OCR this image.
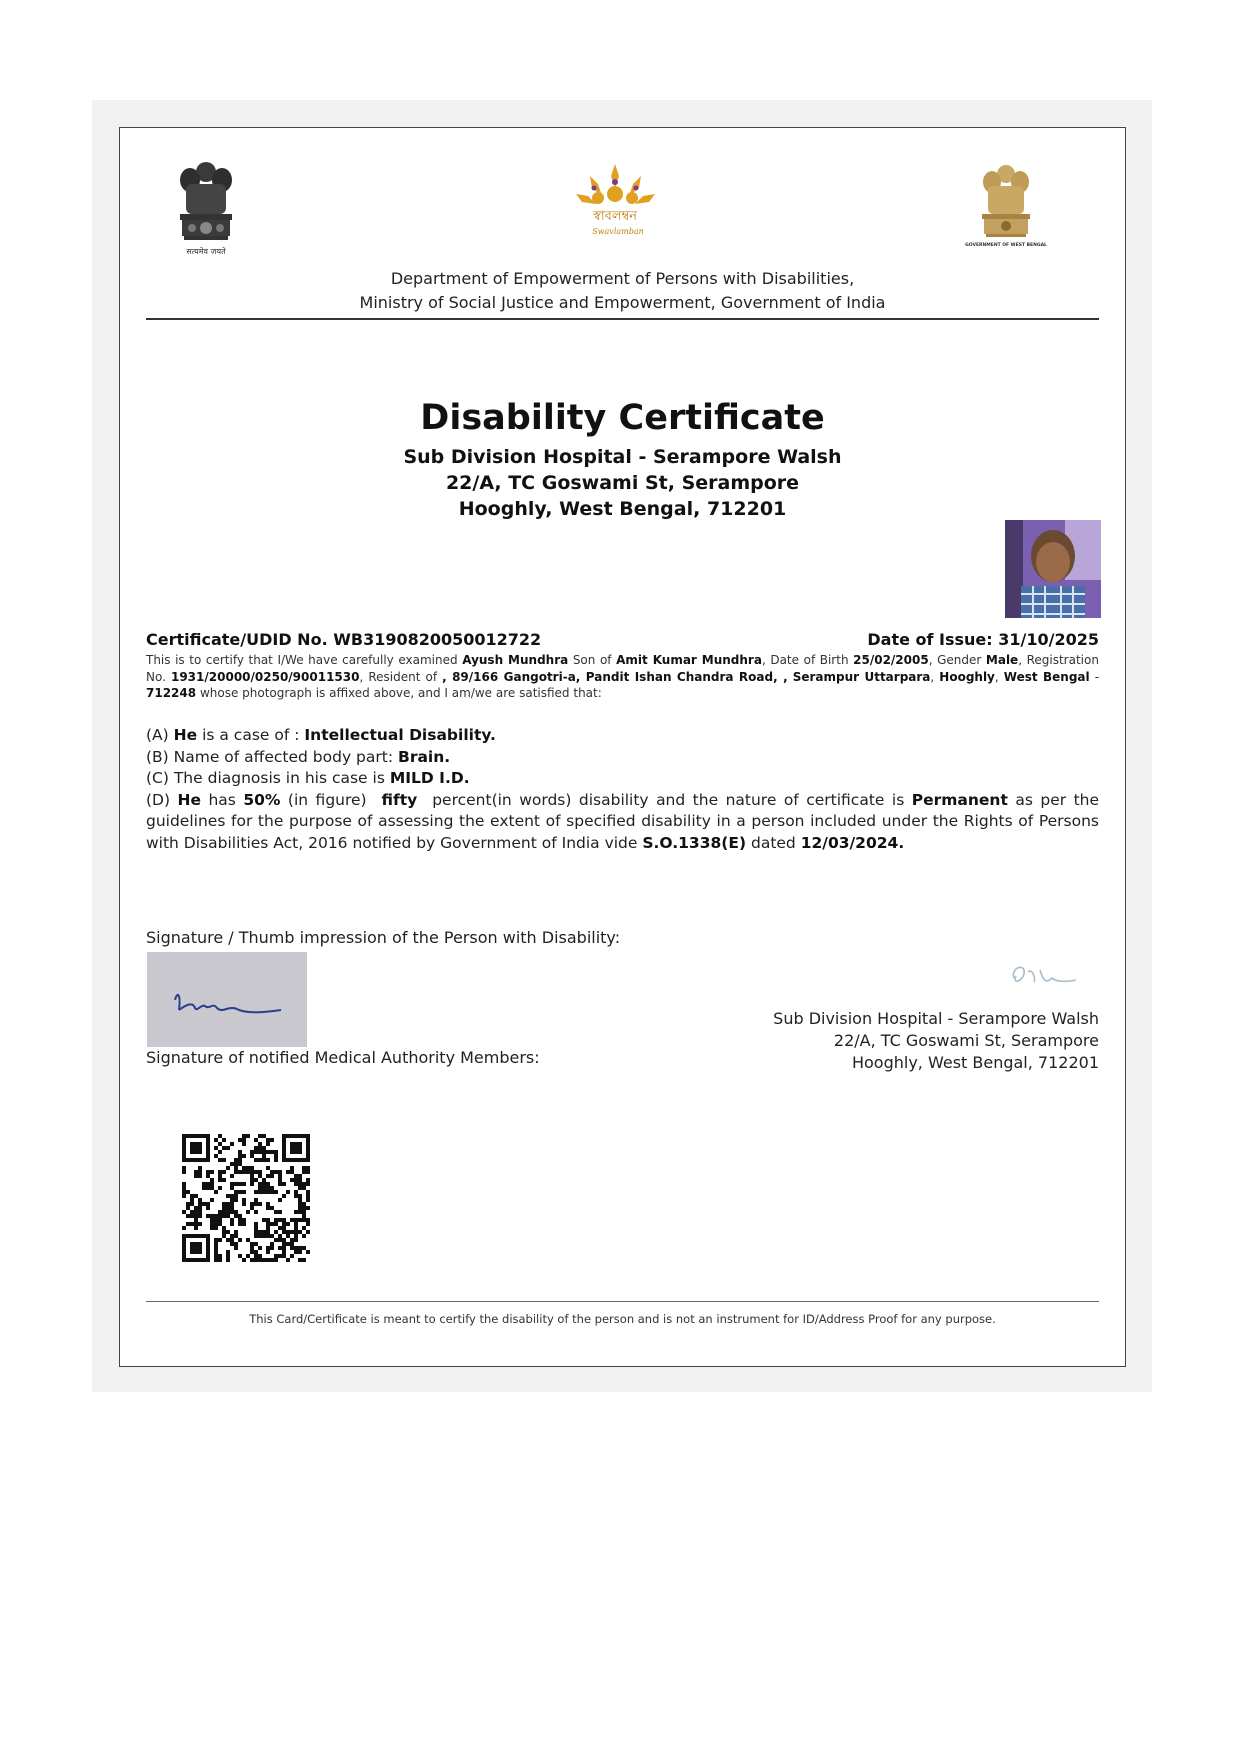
सत्यमेव जयते
স্বাবলম্বন
Swavlamban
GOVERNMENT OF WEST BENGAL
Department of Empowerment of Persons with Disabilities,
Ministry of Social Justice and Empowerment, Government of India
Disability Certificate
Sub Division Hospital - Serampore Walsh
22/A, TC Goswami St, Serampore
Hooghly, West Bengal, 712201
Certificate/UDID No. WB3190820050012722	Date of Issue: 31/10/2025
This is to certify that I/We have carefully examined Ayush Mundhra Son of Amit Kumar Mundhra, Date of Birth 25/02/2005, Gender Male, Registration No. 1931/20000/0250/90011530, Resident of , 89/166 Gangotri-a, Pandit Ishan Chandra Road, , Serampur Uttarpara, Hooghly, West Bengal - 712248 whose photograph is affixed above, and I am/we are satisfied that:
(A) He is a case of : Intellectual Disability.
(B) Name of affected body part: Brain.
(C) The diagnosis in his case is MILD I.D.
(D) He has 50% (in figure) fifty percent(in words) disability and the nature of certificate is Permanent as per the guidelines for the purpose of assessing the extent of specified disability in a person included under the Rights of Persons with Disabilities Act, 2016 notified by Government of India vide S.O.1338(E) dated 12/03/2024.
Signature / Thumb impression of the Person with Disability:
Signature of notified Medical Authority Members:
Sub Division Hospital - Serampore Walsh
22/A, TC Goswami St, Serampore
Hooghly, West Bengal, 712201
This Card/Certificate is meant to certify the disability of the person and is not an instrument for ID/Address Proof for any purpose.
